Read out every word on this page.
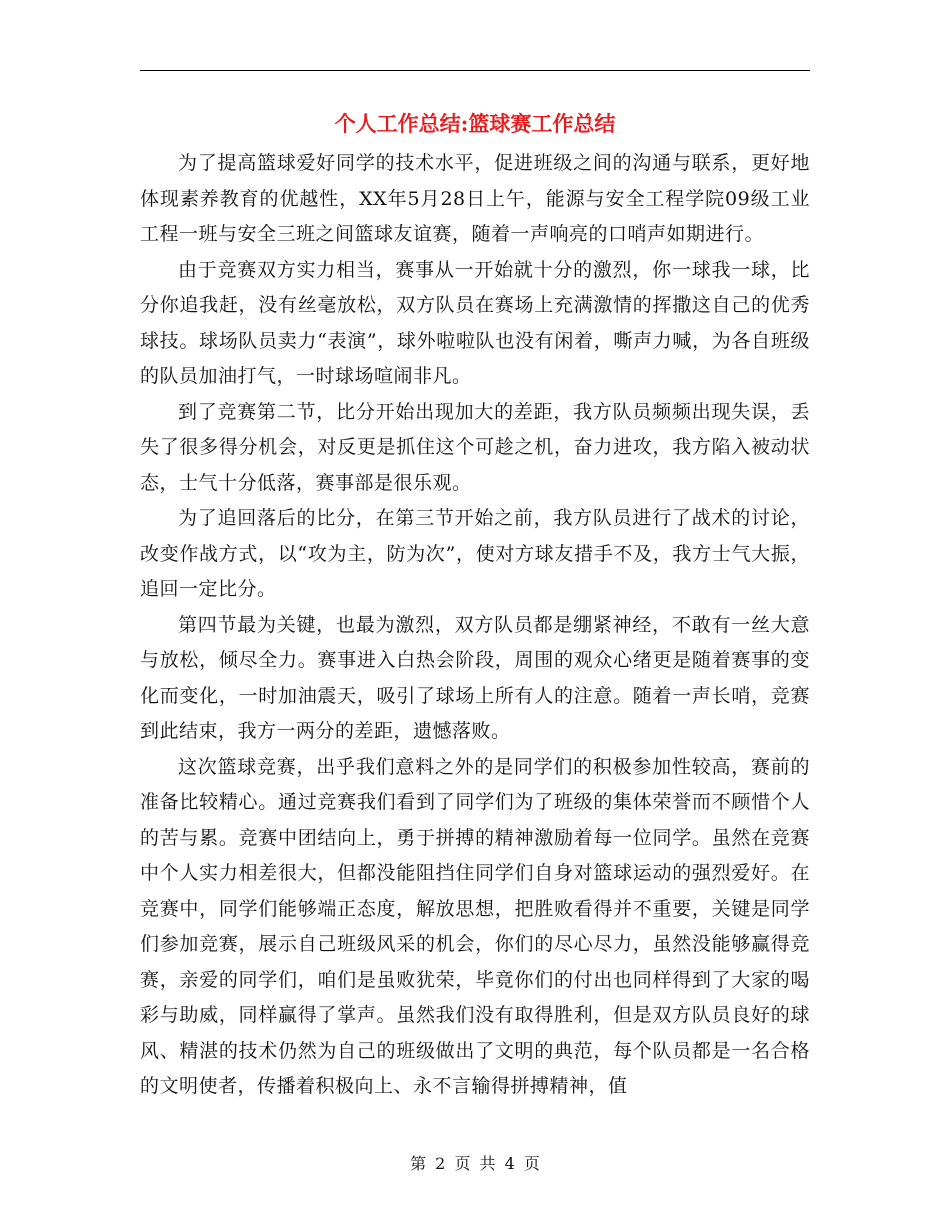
个人工作总结:篮球赛工作总结

为了提高篮球爱好同学的技术水平，促进班级之间的沟通与联系，更好地体现素养教育的优越性，XX年5月28日上午，能源与安全工程学院09级工业工程一班与安全三班之间篮球友谊赛，随着一声响亮的口哨声如期进行。

由于竞赛双方实力相当，赛事从一开始就十分的激烈，你一球我一球，比分你追我赶，没有丝毫放松，双方队员在赛场上充满激情的挥撒这自己的优秀球技。球场队员卖力“表演”，球外啦啦队也没有闲着，嘶声力喊，为各自班级的队员加油打气，一时球场喧闹非凡。

到了竞赛第二节，比分开始出现加大的差距，我方队员频频出现失误，丢失了很多得分机会，对反更是抓住这个可趁之机，奋力进攻，我方陷入被动状态，士气十分低落，赛事部是很乐观。

为了追回落后的比分，在第三节开始之前，我方队员进行了战术的讨论，改变作战方式，以“攻为主，防为次”，使对方球友措手不及，我方士气大振，追回一定比分。

第四节最为关键，也最为激烈，双方队员都是绷紧神经，不敢有一丝大意与放松，倾尽全力。赛事进入白热会阶段，周围的观众心绪更是随着赛事的变化而变化，一时加油震天，吸引了球场上所有人的注意。随着一声长哨，竞赛到此结束，我方一两分的差距，遗憾落败。

这次篮球竞赛，出乎我们意料之外的是同学们的积极参加性较高，赛前的准备比较精心。通过竞赛我们看到了同学们为了班级的集体荣誉而不顾惜个人的苦与累。竞赛中团结向上，勇于拼搏的精神激励着每一位同学。虽然在竞赛中个人实力相差很大，但都没能阻挡住同学们自身对篮球运动的强烈爱好。在竞赛中，同学们能够端正态度，解放思想，把胜败看得并不重要，关键是同学们参加竞赛，展示自己班级风采的机会，你们的尽心尽力，虽然没能够赢得竞赛，亲爱的同学们，咱们是虽败犹荣，毕竟你们的付出也同样得到了大家的喝彩与助威，同样赢得了掌声。虽然我们没有取得胜利，但是双方队员良好的球风、精湛的技术仍然为自己的班级做出了文明的典范，每个队员都是一名合格的文明使者，传播着积极向上、永不言输得拼搏精神，值

第 2 页 共 4 页
